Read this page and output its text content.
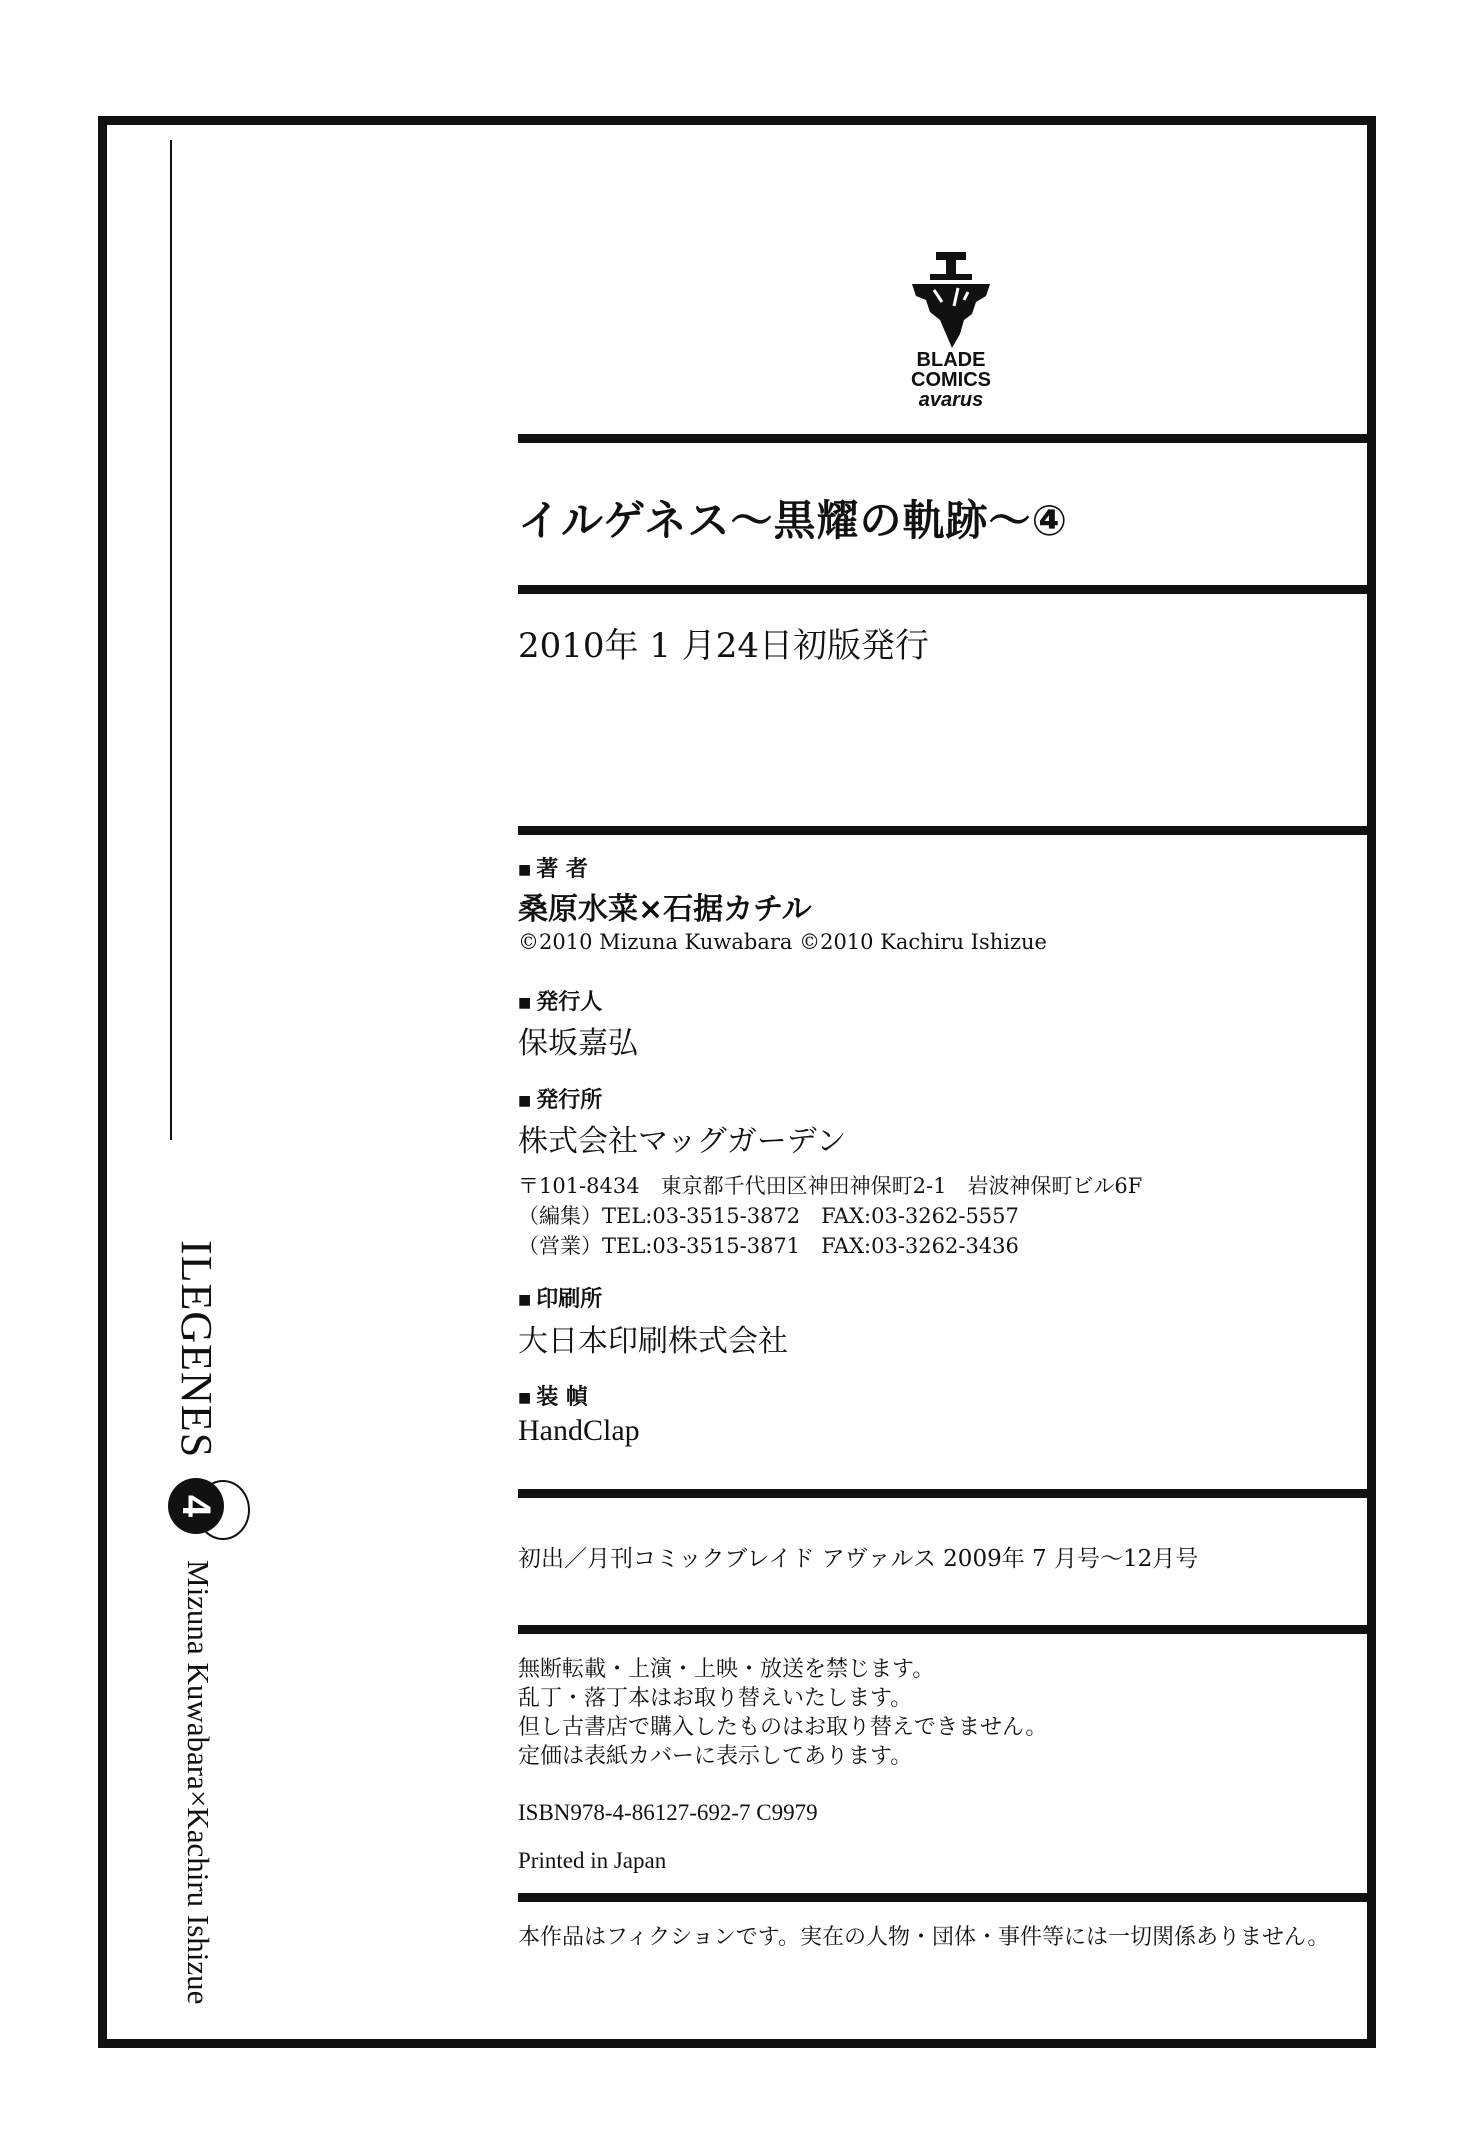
ILEGENES
4
Mizuna Kuwabara×Kachiru Ishizue
BLADE
COMICS
avarus
イルゲネス～黒耀の軌跡～④
2010年 1 月24日初版発行
■ 著 者
桑原水菜×石据カチル
©2010 Mizuna Kuwabara ©2010 Kachiru Ishizue
■ 発行人
保坂嘉弘
■ 発行所
株式会社マッグガーデン
〒101-8434　東京都千代田区神田神保町2-1　岩波神保町ビル6F
（編集）TEL:03-3515-3872　FAX:03-3262-5557
（営業）TEL:03-3515-3871　FAX:03-3262-3436
■ 印刷所
大日本印刷株式会社
■ 装 幀
HandClap
初出／月刊コミックブレイド アヴァルス 2009年 7 月号～12月号
無断転載・上演・上映・放送を禁じます。
乱丁・落丁本はお取り替えいたします。
但し古書店で購入したものはお取り替えできません。
定価は表紙カバーに表示してあります。
ISBN978-4-86127-692-7 C9979
Printed in Japan
本作品はフィクションです。実在の人物・団体・事件等には一切関係ありません。
